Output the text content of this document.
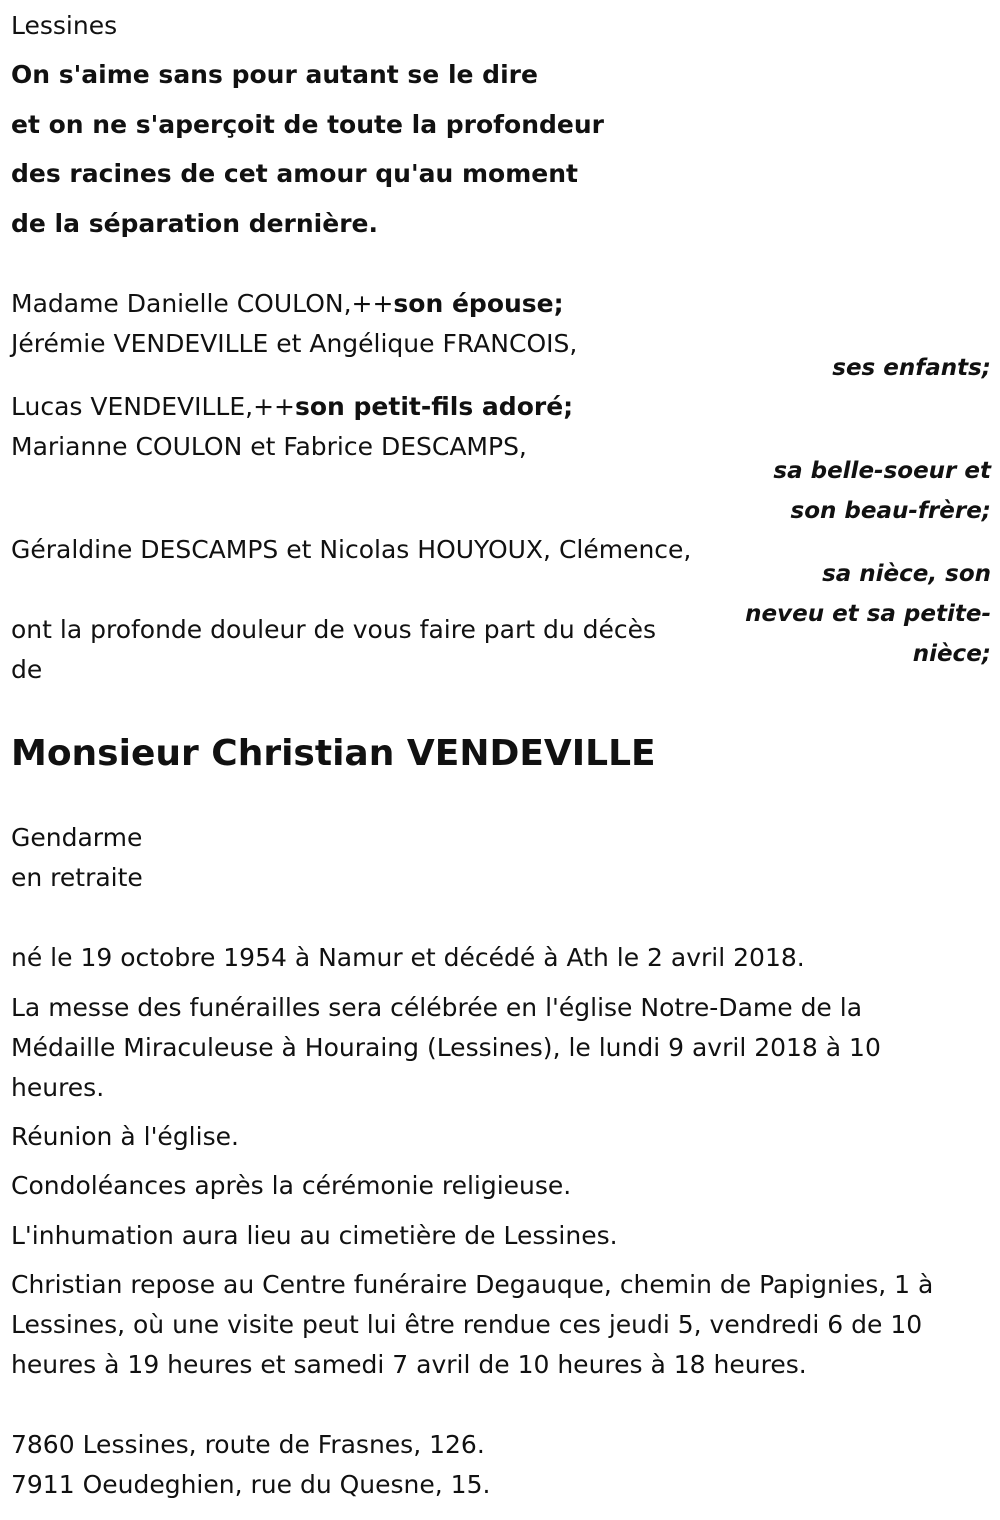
Lessines
On s'aime sans pour autant se le dire
et on ne s'aperçoit de toute la profondeur
des racines de cet amour qu'au moment
de la séparation dernière.
Madame Danielle COULON,++son épouse;
Jérémie VENDEVILLE et Angélique FRANCOIS,
ses enfants;
Lucas VENDEVILLE,++son petit-fils adoré;
Marianne COULON et Fabrice DESCAMPS,
sa belle-soeur et
son beau-frère;
Géraldine DESCAMPS et Nicolas HOUYOUX, Clémence,
sa nièce, son
neveu et sa petite-
nièce;
ont la profonde douleur de vous faire part du décès
de
Monsieur Christian VENDEVILLE
Gendarme
en retraite
né le 19 octobre 1954 à Namur et décédé à Ath le 2 avril 2018.
La messe des funérailles sera célébrée en l'église Notre-Dame de la
Médaille Miraculeuse à Houraing (Lessines), le lundi 9 avril 2018 à 10
heures.
Réunion à l'église.
Condoléances après la cérémonie religieuse.
L'inhumation aura lieu au cimetière de Lessines.
Christian repose au Centre funéraire Degauque, chemin de Papignies, 1 à
Lessines, où une visite peut lui être rendue ces jeudi 5, vendredi 6 de 10
heures à 19 heures et samedi 7 avril de 10 heures à 18 heures.
7860 Lessines, route de Frasnes, 126.
7911 Oeudeghien, rue du Quesne, 15.
